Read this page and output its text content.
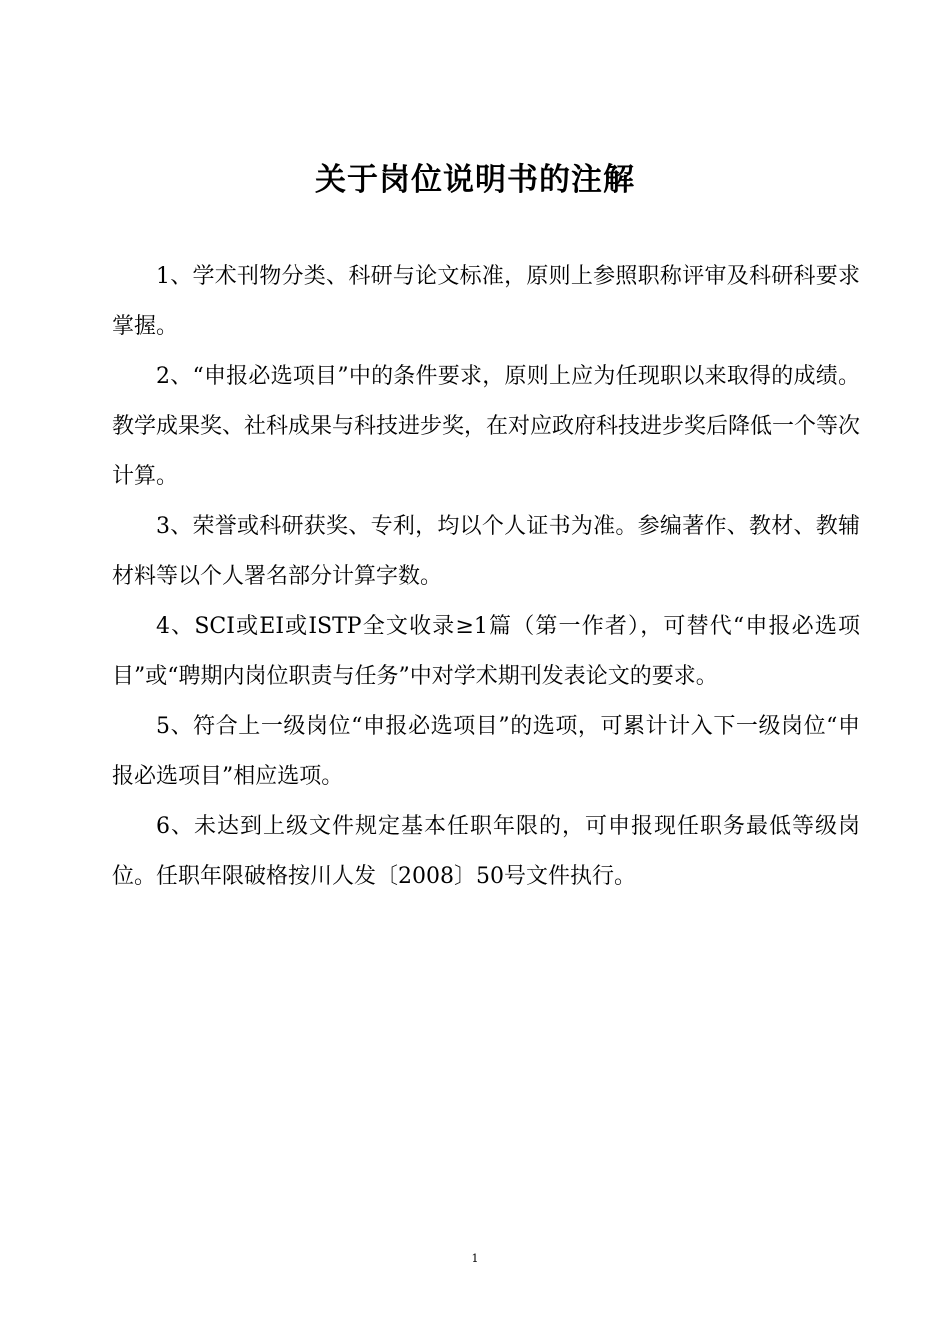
关于岗位说明书的注解

1、学术刊物分类、科研与论文标准，原则上参照职称评审及科研科要求掌握。

2、“申报必选项目”中的条件要求，原则上应为任现职以来取得的成绩。教学成果奖、社科成果与科技进步奖，在对应政府科技进步奖后降低一个等次计算。

3、荣誉或科研获奖、专利，均以个人证书为准。参编著作、教材、教辅材料等以个人署名部分计算字数。

4、SCI或EI或ISTP全文收录≥1篇（第一作者），可替代“申报必选项目”或“聘期内岗位职责与任务”中对学术期刊发表论文的要求。

5、符合上一级岗位“申报必选项目”的选项，可累计计入下一级岗位“申报必选项目”相应选项。

6、未达到上级文件规定基本任职年限的，可申报现任职务最低等级岗位。任职年限破格按川人发〔2008〕50号文件执行。

1
